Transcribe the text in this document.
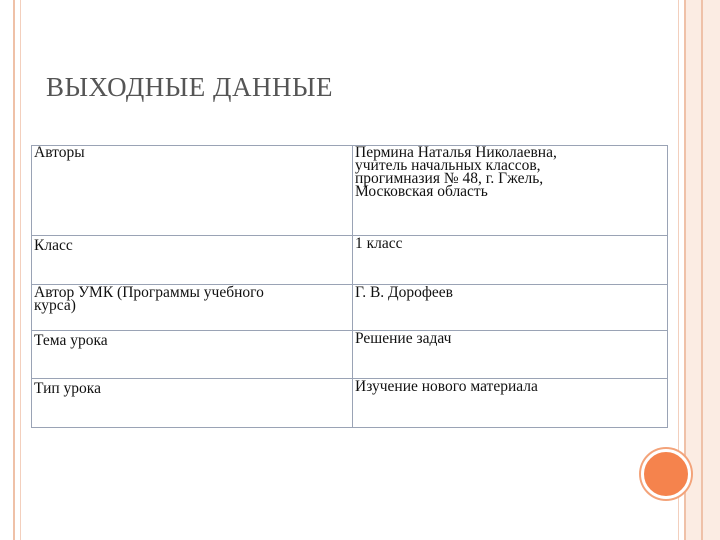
ВЫХОДНЫЕ ДАННЫЕ
Авторы	Пермина Наталья Николаевна,
учитель начальных классов,
прогимназия № 48, г. Гжель,
Московская область

Класс	1 класс

Автор УМК (Программы учебного
курса)	Г. В. Дорофеев

Тема урока	Решение задач

Тип урока	Изучение нового материала
